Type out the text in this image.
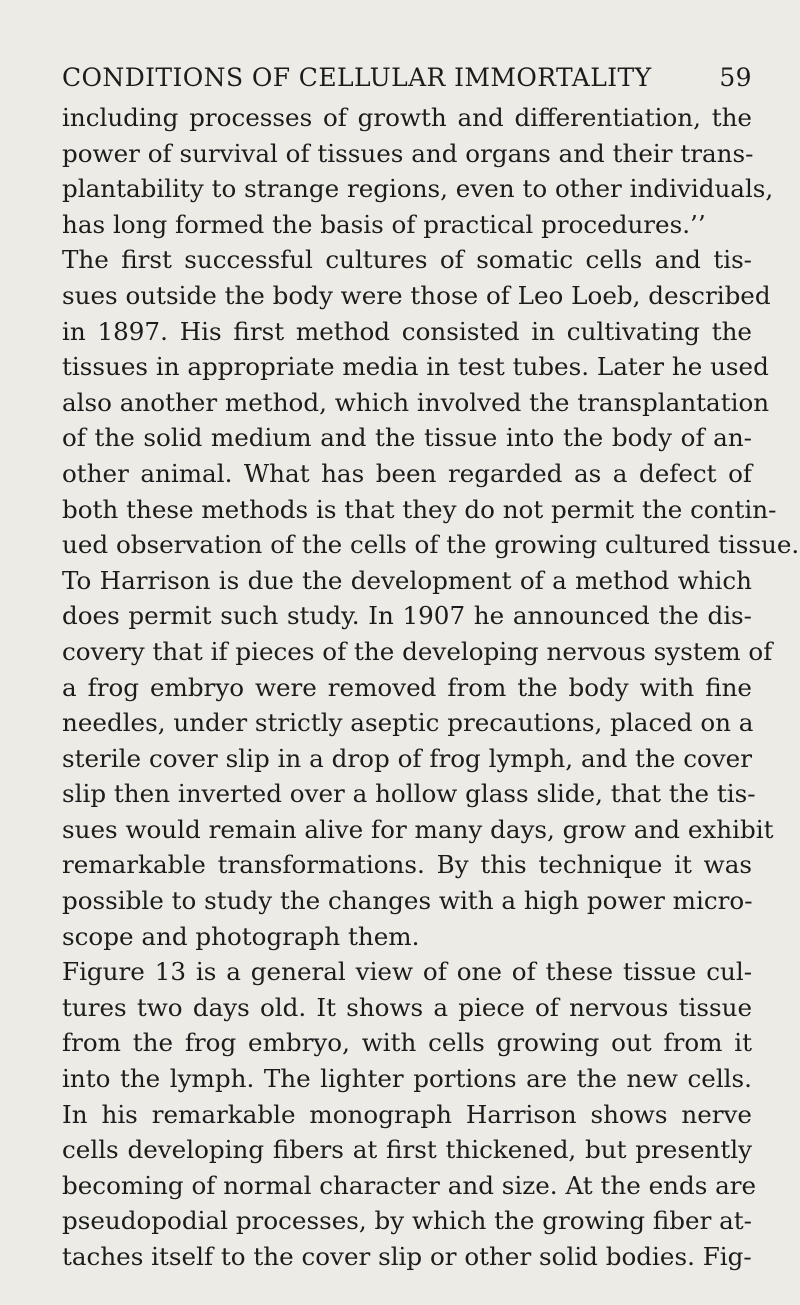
CONDITIONS OF CELLULAR IMMORTALITY	59
including processes of growth and differentiation, the
power of survival of tissues and organs and their trans-
plantability to strange regions, even to other individuals,
has long formed the basis of practical procedures.’’
The first successful cultures of somatic cells and tis-
sues outside the body were those of Leo Loeb, described
in 1897. His first method consisted in cultivating the
tissues in appropriate media in test tubes. Later he used
also another method, which involved the transplantation
of the solid medium and the tissue into the body of an-
other animal. What has been regarded as a defect of
both these methods is that they do not permit the contin-
ued observation of the cells of the growing cultured tissue.
To Harrison is due the development of a method which
does permit such study. In 1907 he announced the dis-
covery that if pieces of the developing nervous system of
a frog embryo were removed from the body with fine
needles, under strictly aseptic precautions, placed on a
sterile cover slip in a drop of frog lymph, and the cover
slip then inverted over a hollow glass slide, that the tis-
sues would remain alive for many days, grow and exhibit
remarkable transformations. By this technique it was
possible to study the changes with a high power micro-
scope and photograph them.
Figure 13 is a general view of one of these tissue cul-
tures two days old. It shows a piece of nervous tissue
from the frog embryo, with cells growing out from it
into the lymph. The lighter portions are the new cells.
In his remarkable monograph Harrison shows nerve
cells developing fibers at first thickened, but presently
becoming of normal character and size. At the ends are
pseudopodial processes, by which the growing fiber at-
taches itself to the cover slip or other solid bodies. Fig-
